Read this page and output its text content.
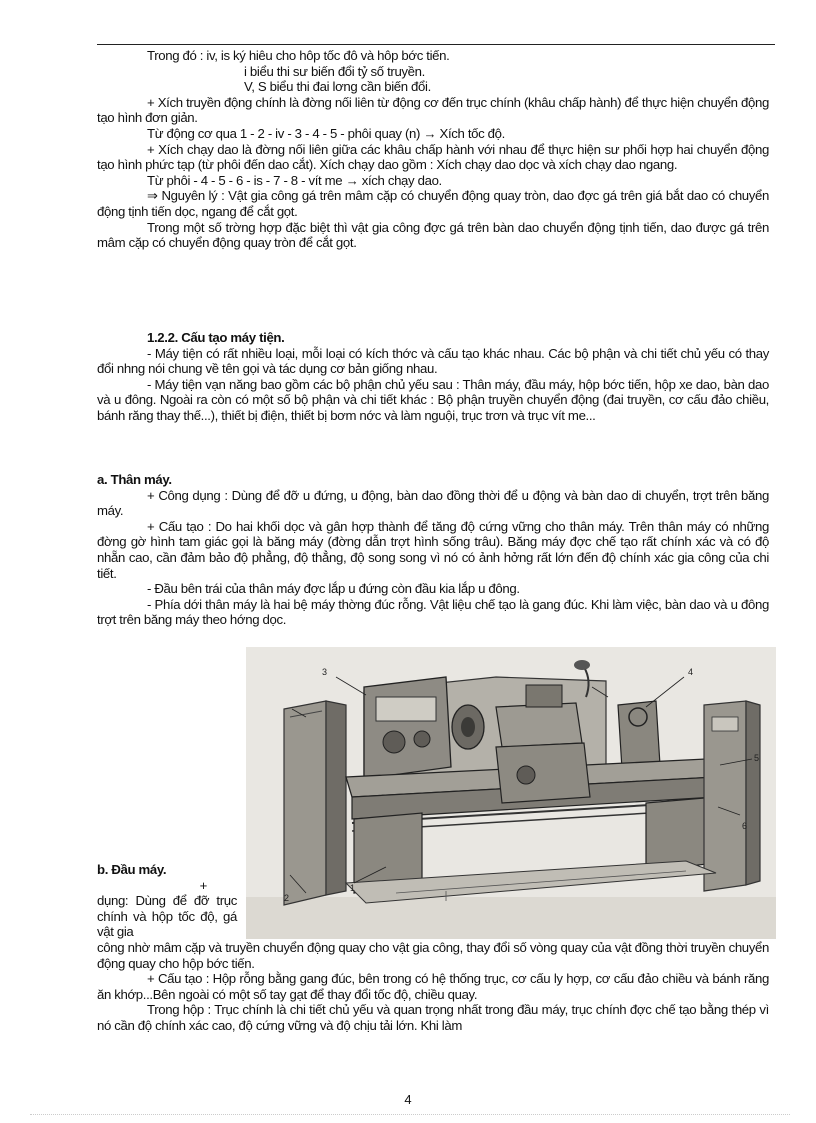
Trong đó : iv, is ký hiêu cho hôp tốc đô và hôp bớc tiến.

i biểu thi sư biến đổi tỷ số truyền.

V, S biểu thi đai lơng cần biến đổi.

+ Xích truyền động chính là đờng nối liên từ động cơ đến trục chính (khâu chấp hành) để thực hiện chuyển động tạo hình đơn giản.

Từ động cơ qua 1 - 2 - iv - 3 - 4 - 5 - phôi quay (n) → Xích tốc độ.

+ Xích chạy dao là đờng nối liên giữa các khâu chấp hành với nhau để thực hiện sư phối hợp hai chuyển động tạo hình phức tạp (từ phôi đến dao cắt). Xích chạy dao gồm : Xích chạy dao dọc và xích chạy dao ngang.

Từ phôi - 4 - 5 - 6 - is - 7 - 8 - vít me → xích chạy dao.

⇒ Nguyên lý : Vật gia công gá trên mâm cặp có chuyển động quay tròn, dao đợc gá trên giá bắt dao có chuyển động tịnh tiến dọc, ngang để cắt gọt.

Trong một số trờng hợp đặc biệt thì vật gia công đợc gá trên bàn dao chuyển động tịnh tiến, dao được gá trên mâm cặp có chuyển động quay tròn để cắt gọt.

1.2.2. Cấu tạo máy tiện.

- Máy tiện có rất nhiều loại, mỗi loại có kích thớc và cấu tạo khác nhau. Các bộ phận và chi tiết chủ yếu có thay đổi nhng nói chung về tên gọi và tác dụng cơ bản giống nhau.

- Máy tiện vạn năng bao gồm các bộ phận chủ yếu sau : Thân máy, đầu máy, hộp bớc tiến, hộp xe dao, bàn dao và u đông. Ngoài ra còn có một số bộ phận và chi tiết khác : Bộ phận truyền chuyển động (đai truyền, cơ cấu đảo chiều, bánh răng thay thế...), thiết bị điện, thiết bị bơm nớc và làm nguội, trục trơn và trục vít me...

a. Thân máy.

+ Công dụng : Dùng để đỡ u đứng, u động, bàn dao đồng thời để u động và bàn dao di chuyển, trợt trên băng máy.

+ Cấu tạo : Do hai khối dọc và gân hợp thành để tăng độ cứng vững cho thân máy. Trên thân máy có những đờng gờ hình tam giác gọi là băng máy (đờng dẫn trợt hình sống trâu). Băng máy đợc chế tạo rất chính xác và có độ nhẵn cao, cần đảm bảo độ phẳng, độ thẳng, độ song song vì nó có ảnh hởng rất lớn đến độ chính xác gia công của chi tiết.

- Đầu bên trái của thân máy đợc lắp u đứng còn đầu kia lắp u đông.

- Phía dới thân máy là hai bệ máy thờng đúc rỗng. Vật liệu chế tạo là gang đúc. Khi làm việc, bàn dao và u đông trợt trên băng máy theo hớng dọc.

3	4
5
6
2
1

b. Đầu máy.

+

dụng: Dùng để đỡ trục chính và hộp tốc độ, gá vật gia

công nhờ mâm cặp và truyền chuyển động quay cho vật gia công, thay đổi số vòng quay của vật đồng thời truyền chuyển động quay cho hộp bớc tiến.

+ Cấu tạo : Hộp rỗng bằng gang đúc, bên trong có hệ thống trục, cơ cấu ly hợp, cơ cấu đảo chiều và bánh răng ăn khớp...Bên ngoài có một số tay gạt để thay đổi tốc độ, chiều quay.

Trong hộp : Trục chính là chi tiết chủ yếu và quan trọng nhất trong đầu máy, trục chính đợc chế tạo bằng thép vì nó cần độ chính xác cao, độ cứng vững và độ chịu tải lớn. Khi làm

4
